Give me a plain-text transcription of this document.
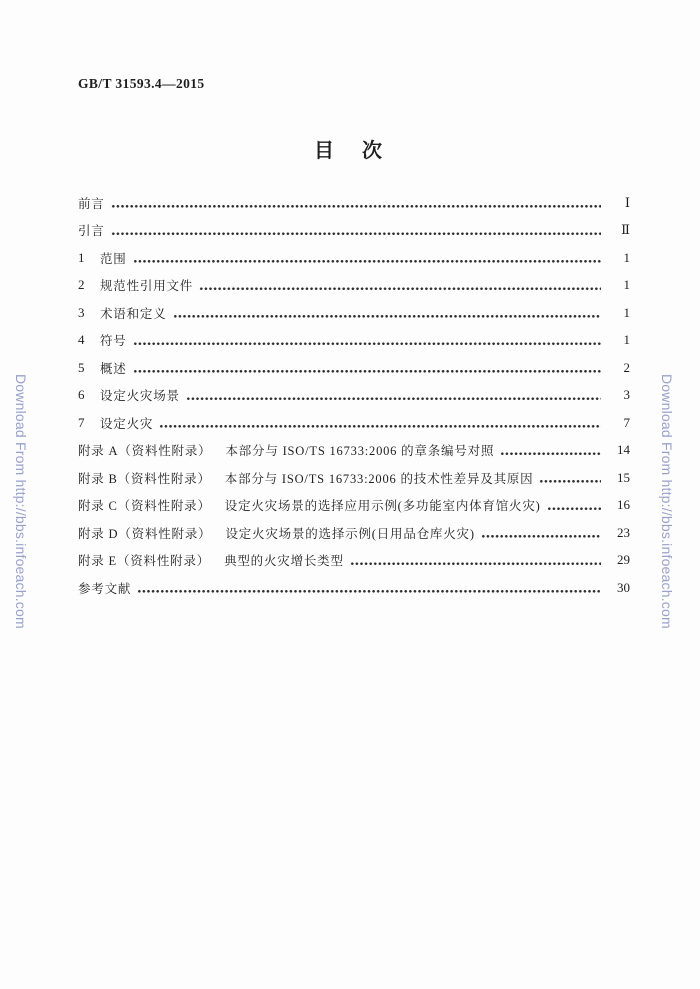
GB/T 31593.4—2015
目　次
前言	Ⅰ
引言	Ⅱ
1	范围	1
2	规范性引用文件	1
3	术语和定义	1
4	符号	1
5	概述	2
6	设定火灾场景	3
7	设定火灾	7
附录 A（资料性附录） 本部分与 ISO/TS 16733:2006 的章条编号对照	14
附录 B（资料性附录） 本部分与 ISO/TS 16733:2006 的技术性差异及其原因	15
附录 C（资料性附录） 设定火灾场景的选择应用示例(多功能室内体育馆火灾)	16
附录 D（资料性附录） 设定火灾场景的选择示例(日用品仓库火灾)	23
附录 E（资料性附录） 典型的火灾增长类型	29
参考文献	30
Download From http://bbs.infoeach.com	Download From http://bbs.infoeach.com
